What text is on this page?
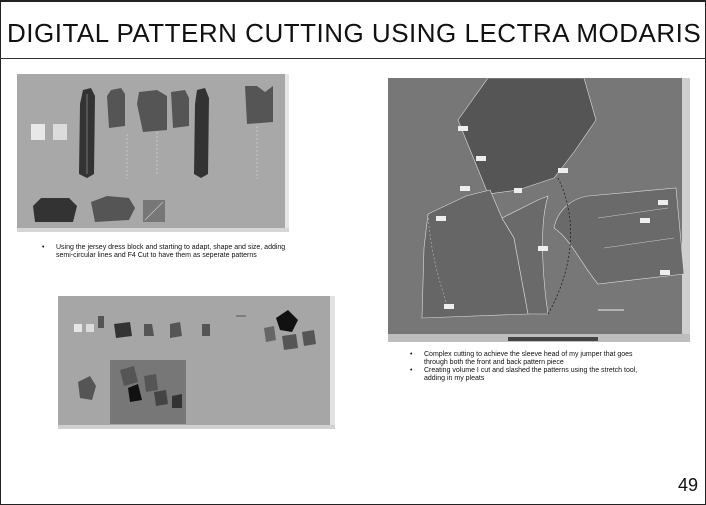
DIGITAL PATTERN CUTTING USING LECTRA MODARIS
• Using the jersey dress block and starting to adapt, shape and size, adding semi-circular lines and F4 Cut to have them as seperate patterns
• Complex cutting to achieve the sleeve head of my jumper that goes through both the front and back pattern piece
• Creating volume I cut and slashed the patterns using the stretch tool, adding in my pleats
49
